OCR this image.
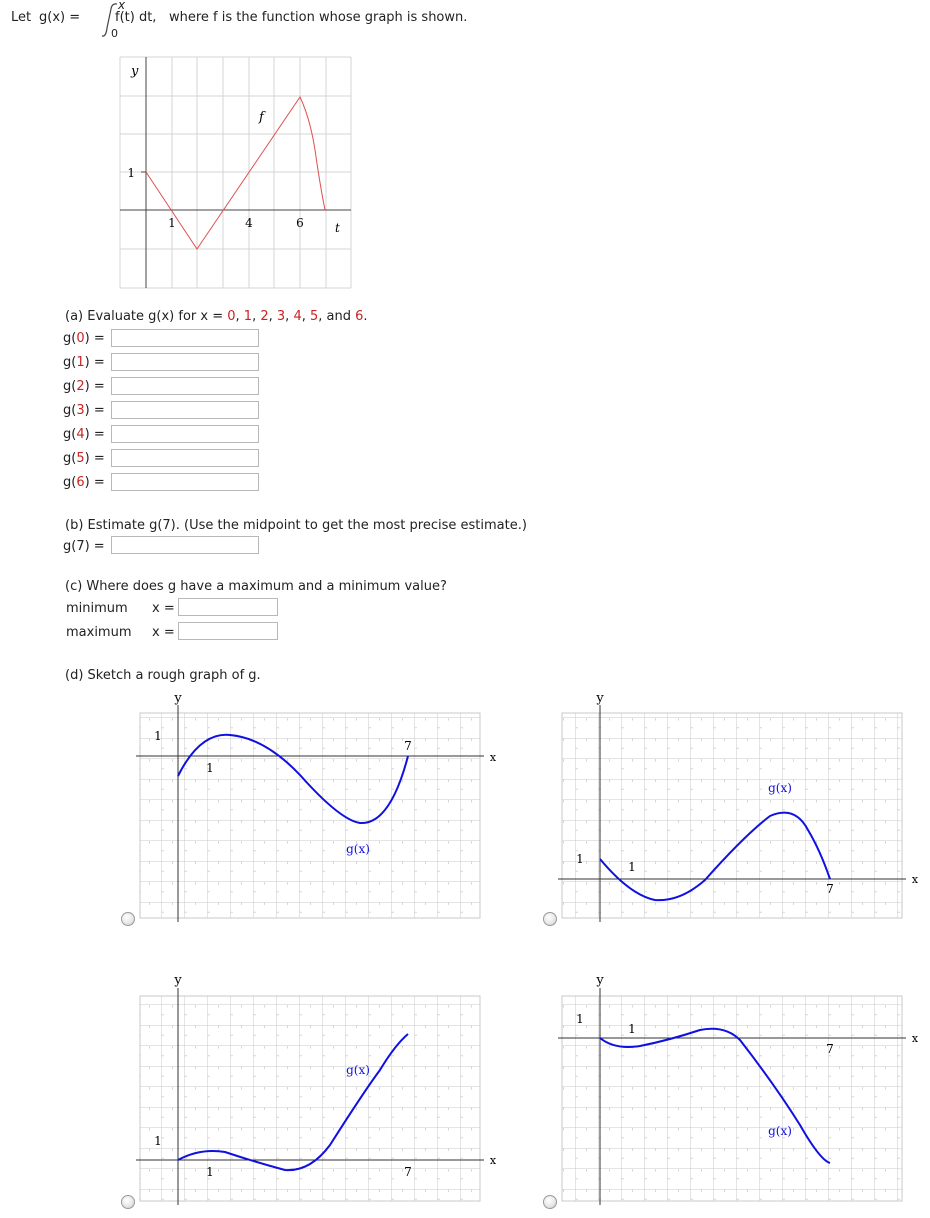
Let g(x) =
x
0
f(t) dt, where f is the function whose graph is shown.
y
t
f
1
1	4	6
(a) Evaluate g(x) for x = 0, 1, 2, 3, 4, 5, and 6.
g(0) =
g(1) =
g(2) =
g(3) =
g(4) =
g(5) =
g(6) =
(b) Estimate g(7). (Use the midpoint to get the most precise estimate.)
g(7) =
(c) Where does g have a maximum and a minimum value?
minimum x =
maximum x =
(d) Sketch a rough graph of g.
y
x
1
1
7
g(x)
y
x
1
1
7
g(x)
y
x
1
1	7
g(x)
y
x
1
1
7
g(x)
